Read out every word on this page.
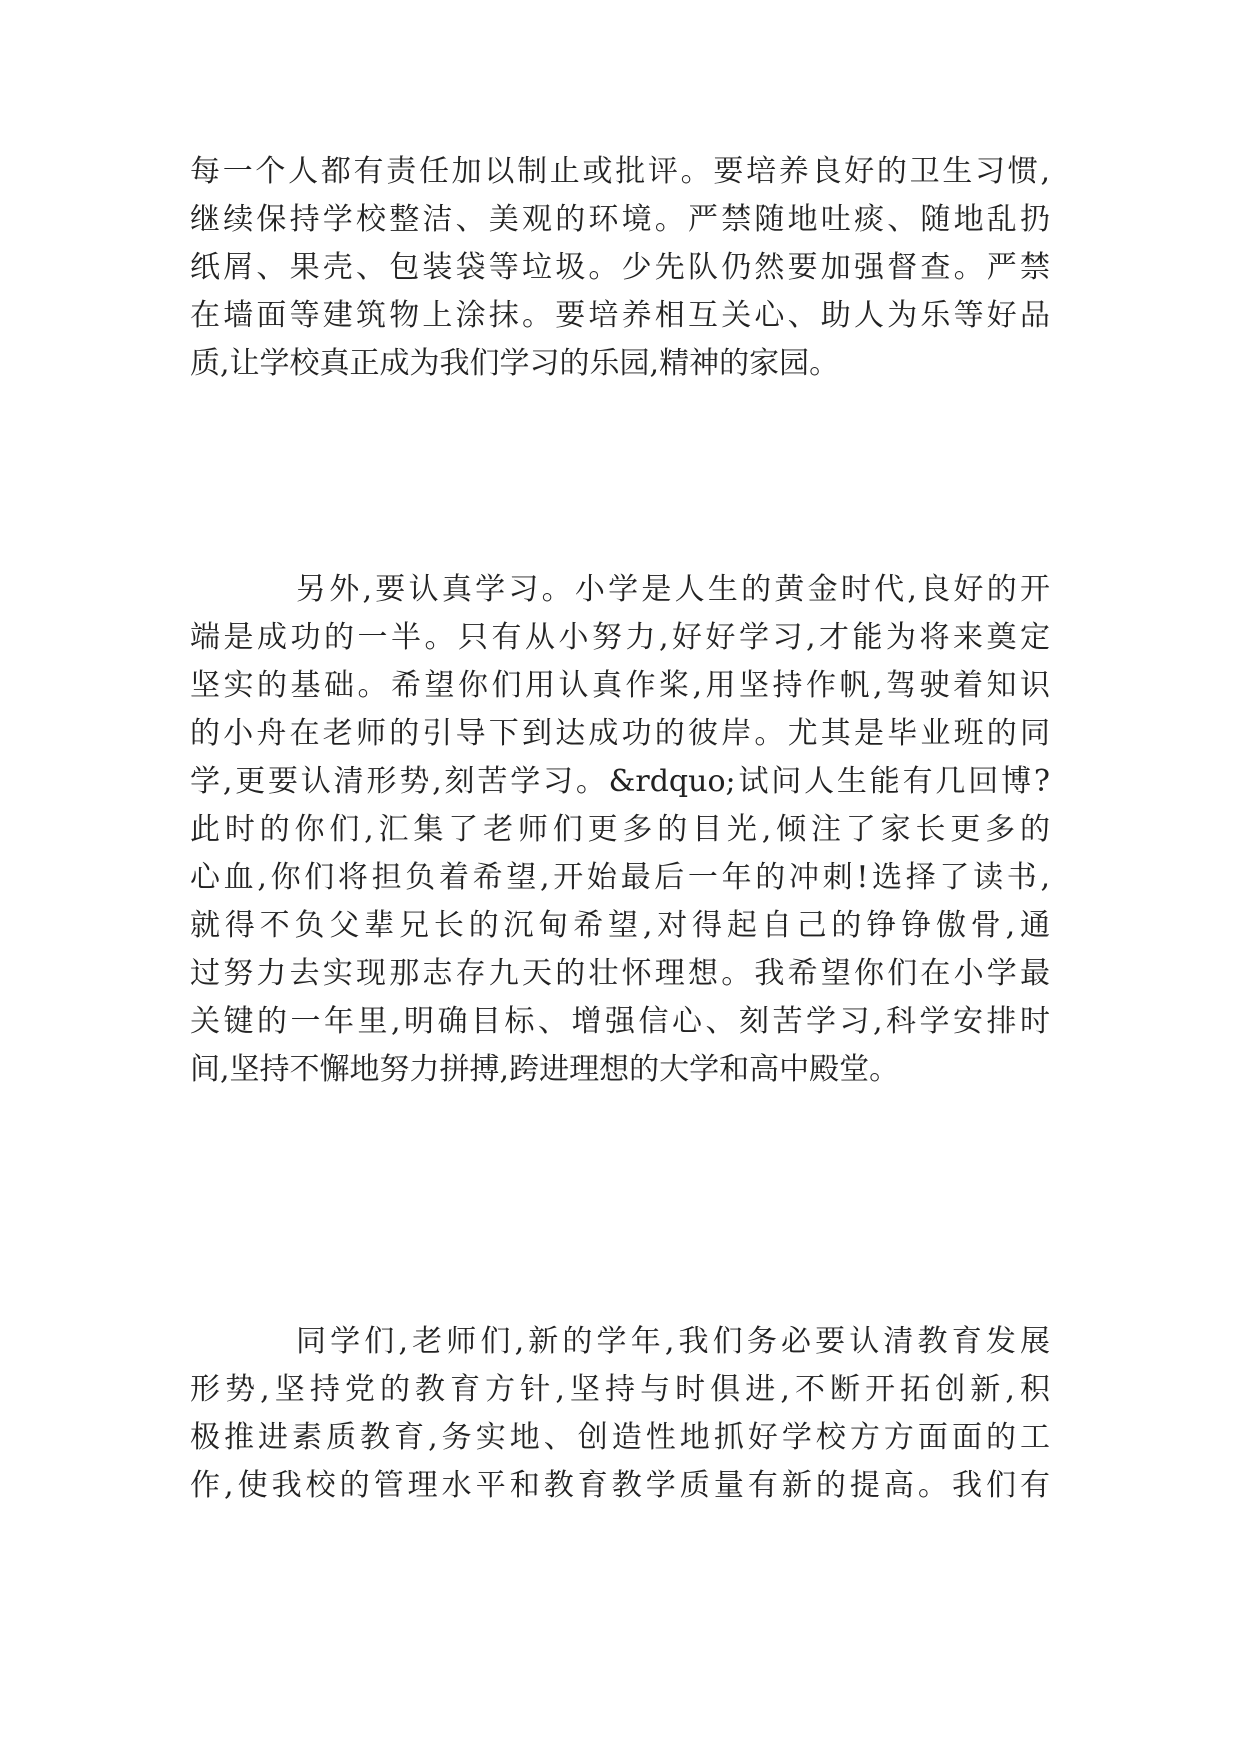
每一个人都有责任加以制止或批评。要培养良好的卫生习惯,
继续保持学校整洁、美观的环境。严禁随地吐痰、随地乱扔
纸屑、果壳、包装袋等垃圾。少先队仍然要加强督查。严禁
在墙面等建筑物上涂抹。要培养相互关心、助人为乐等好品
质,让学校真正成为我们学习的乐园,精神的家园。

另外,要认真学习。小学是人生的黄金时代,良好的开
端是成功的一半。只有从小努力,好好学习,才能为将来奠定
坚实的基础。希望你们用认真作桨,用坚持作帆,驾驶着知识
的小舟在老师的引导下到达成功的彼岸。尤其是毕业班的同
学,更要认清形势,刻苦学习。&rdquo;试问人生能有几回博?
此时的你们,汇集了老师们更多的目光,倾注了家长更多的
心血,你们将担负着希望,开始最后一年的冲刺!选择了读书,
就得不负父辈兄长的沉甸希望,对得起自己的铮铮傲骨,通
过努力去实现那志存九天的壮怀理想。我希望你们在小学最
关键的一年里,明确目标、增强信心、刻苦学习,科学安排时
间,坚持不懈地努力拼搏,跨进理想的大学和高中殿堂。

同学们,老师们,新的学年,我们务必要认清教育发展
形势,坚持党的教育方针,坚持与时俱进,不断开拓创新,积
极推进素质教育,务实地、创造性地抓好学校方方面面的工
作,使我校的管理水平和教育教学质量有新的提高。我们有
